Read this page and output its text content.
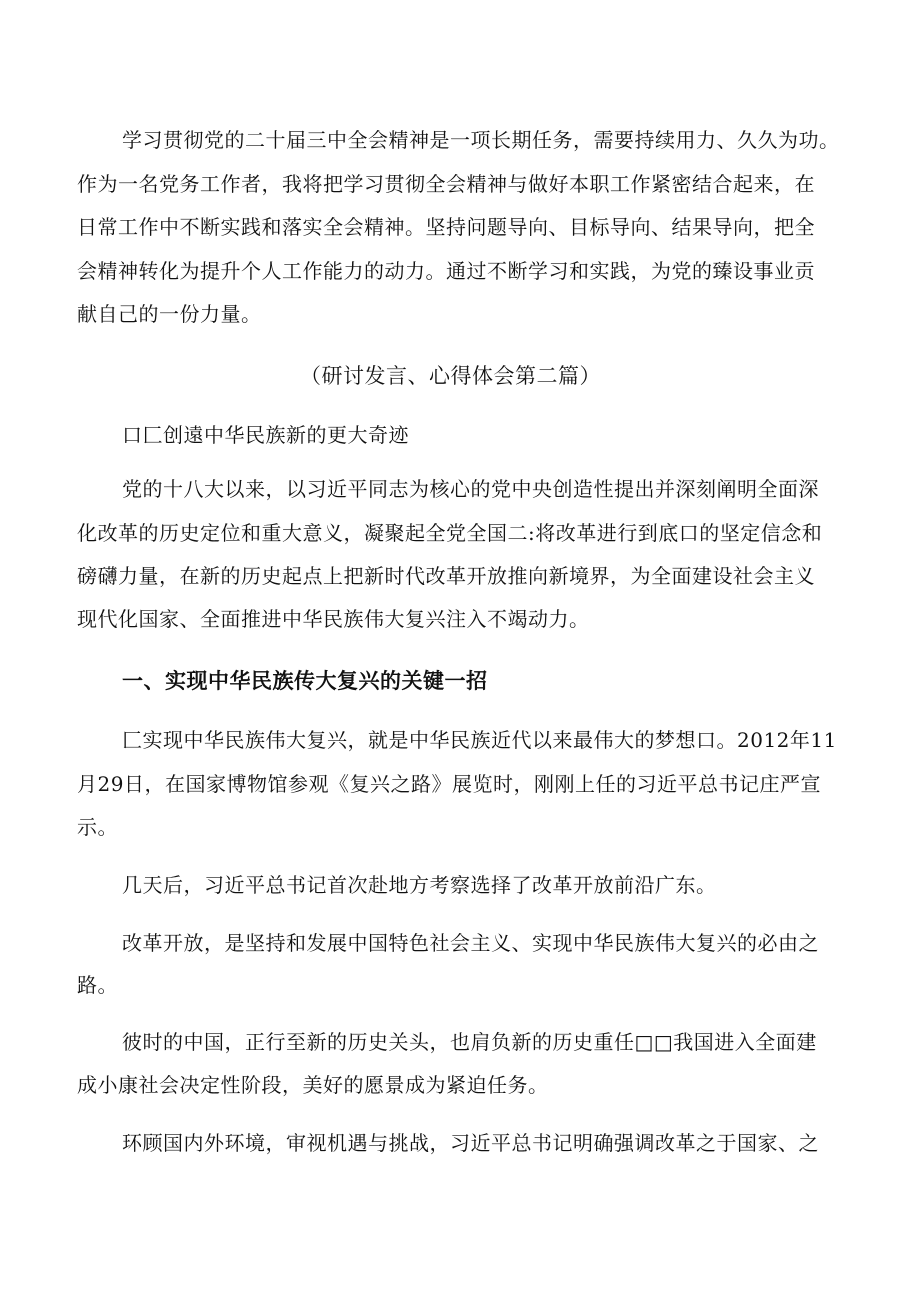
学习贯彻党的二十届三中全会精神是一项长期任务，需要持续用力、久久为功。
作为一名党务工作者，我将把学习贯彻全会精神与做好本职工作紧密结合起来，在
日常工作中不断实践和落实全会精神。坚持问题导向、目标导向、结果导向，把全
会精神转化为提升个人工作能力的动力。通过不断学习和实践，为党的臻设事业贡
献自己的一份力量。
（研讨发言、心得体会第二篇）
口匚创遠中华民族新的更大奇迹
党的十八大以来，以习近平同志为核心的党中央创造性提出并深刻阐明全面深
化改革的历史定位和重大意义，凝聚起全党全国二:将改革进行到底口的坚定信念和
磅礴力量，在新的历史起点上把新时代改革开放推向新境界，为全面建设社会主义
现代化国家、全面推进中华民族伟大复兴注入不竭动力。
一、实现中华民族传大复兴的关键一招
匚实现中华民族伟大复兴，就是中华民族近代以来最伟大的梦想口。2012年11
月29日，在国家博物馆参观《复兴之路》展览时，刚刚上任的习近平总书记庄严宣
示。
几天后，习近平总书记首次赴地方考察选择了改革开放前沿广东。
改革开放，是坚持和发展中国特色社会主义、实现中华民族伟大复兴的必由之
路。
彼时的中国，正行至新的历史关头，也肩负新的历史重任□□我国进入全面建
成小康社会决定性阶段，美好的愿景成为紧迫任务。
环顾国内外环境，审视机遇与挑战，习近平总书记明确强调改革之于国家、之
